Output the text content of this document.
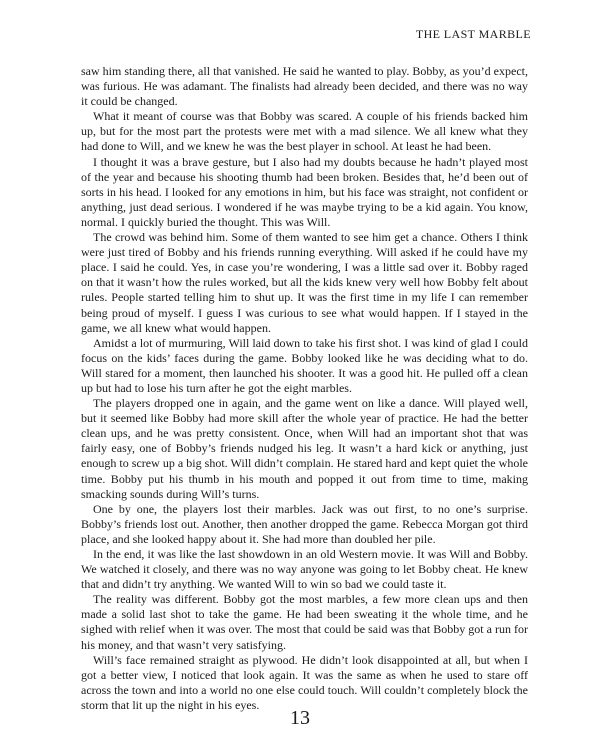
THE LAST MARBLE

saw him standing there, all that vanished. He said he wanted to play. Bobby, as you’d expect, was furious. He was adamant. The finalists had already been decided, and there was no way it could be changed.

What it meant of course was that Bobby was scared. A couple of his friends backed him up, but for the most part the protests were met with a mad silence. We all knew what they had done to Will, and we knew he was the best player in school. At least he had been.

I thought it was a brave gesture, but I also had my doubts because he hadn’t played most of the year and because his shooting thumb had been broken. Besides that, he’d been out of sorts in his head. I looked for any emotions in him, but his face was straight, not confident or anything, just dead serious. I wondered if he was maybe trying to be a kid again. You know, normal. I quickly buried the thought. This was Will.

The crowd was behind him. Some of them wanted to see him get a chance. Others I think were just tired of Bobby and his friends running everything. Will asked if he could have my place. I said he could. Yes, in case you’re wondering, I was a little sad over it. Bobby raged on that it wasn’t how the rules worked, but all the kids knew very well how Bobby felt about rules. People started telling him to shut up. It was the first time in my life I can remember being proud of myself. I guess I was curious to see what would happen. If I stayed in the game, we all knew what would happen.

Amidst a lot of murmuring, Will laid down to take his first shot. I was kind of glad I could focus on the kids’ faces during the game. Bobby looked like he was deciding what to do. Will stared for a moment, then launched his shooter. It was a good hit. He pulled off a clean up but had to lose his turn after he got the eight marbles.

The players dropped one in again, and the game went on like a dance. Will played well, but it seemed like Bobby had more skill after the whole year of practice. He had the better clean ups, and he was pretty consistent. Once, when Will had an important shot that was fairly easy, one of Bobby’s friends nudged his leg. It wasn’t a hard kick or anything, just enough to screw up a big shot. Will didn’t complain. He stared hard and kept quiet the whole time. Bobby put his thumb in his mouth and popped it out from time to time, making smacking sounds during Will’s turns.

One by one, the players lost their marbles. Jack was out first, to no one’s surprise. Bobby’s friends lost out. Another, then another dropped the game. Rebecca Morgan got third place, and she looked happy about it. She had more than doubled her pile.

In the end, it was like the last showdown in an old Western movie. It was Will and Bobby. We watched it closely, and there was no way anyone was going to let Bobby cheat. He knew that and didn’t try anything. We wanted Will to win so bad we could taste it.

The reality was different. Bobby got the most marbles, a few more clean ups and then made a solid last shot to take the game. He had been sweating it the whole time, and he sighed with relief when it was over. The most that could be said was that Bobby got a run for his money, and that wasn’t very satisfying.

Will’s face remained straight as plywood. He didn’t look disappointed at all, but when I got a better view, I noticed that look again. It was the same as when he used to stare off across the town and into a world no one else could touch. Will couldn’t completely block the storm that lit up the night in his eyes.

13
